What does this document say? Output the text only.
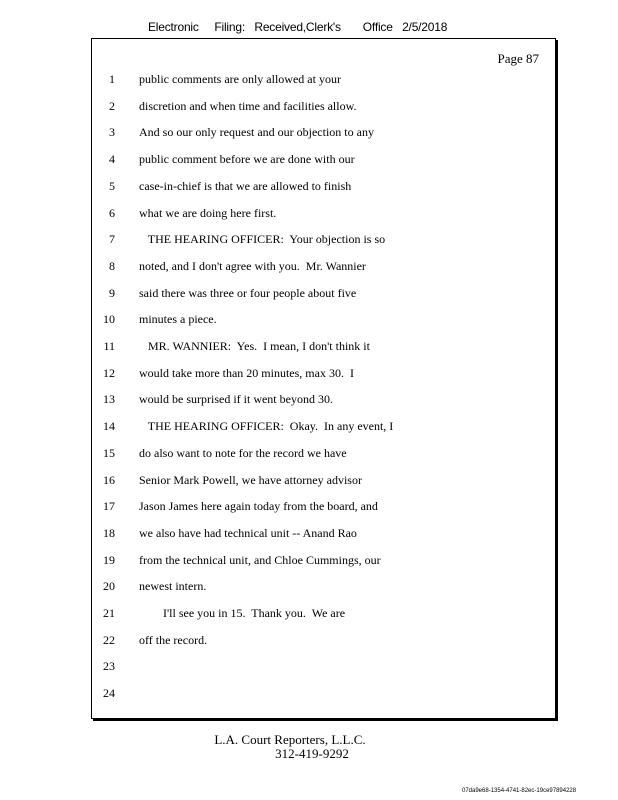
Electronic     Filing:   Received,Clerk's       Office   2/5/2018
Page 87
1 public comments are only allowed at your
2 discretion and when time and facilities allow.
3 And so our only request and our objection to any
4 public comment before we are done with our
5 case-in-chief is that we are allowed to finish
6 what we are doing here first.
7 THE HEARING OFFICER:  Your objection is so
8 noted, and I don't agree with you.  Mr. Wannier
9 said there was three or four people about five
10 minutes a piece.
11 MR. WANNIER:  Yes.  I mean, I don't think it
12 would take more than 20 minutes, max 30.  I
13 would be surprised if it went beyond 30.
14 THE HEARING OFFICER:  Okay.  In any event, I
15 do also want to note for the record we have
16 Senior Mark Powell, we have attorney advisor
17 Jason James here again today from the board, and
18 we also have had technical unit -- Anand Rao
19 from the technical unit, and Chloe Cummings, our
20 newest intern.
21 I'll see you in 15.  Thank you.  We are
22 off the record.
23
24
L.A. Court Reporters, L.L.C.
312-419-9292
07da9e68-1354-4741-82ec-19ce97894228
